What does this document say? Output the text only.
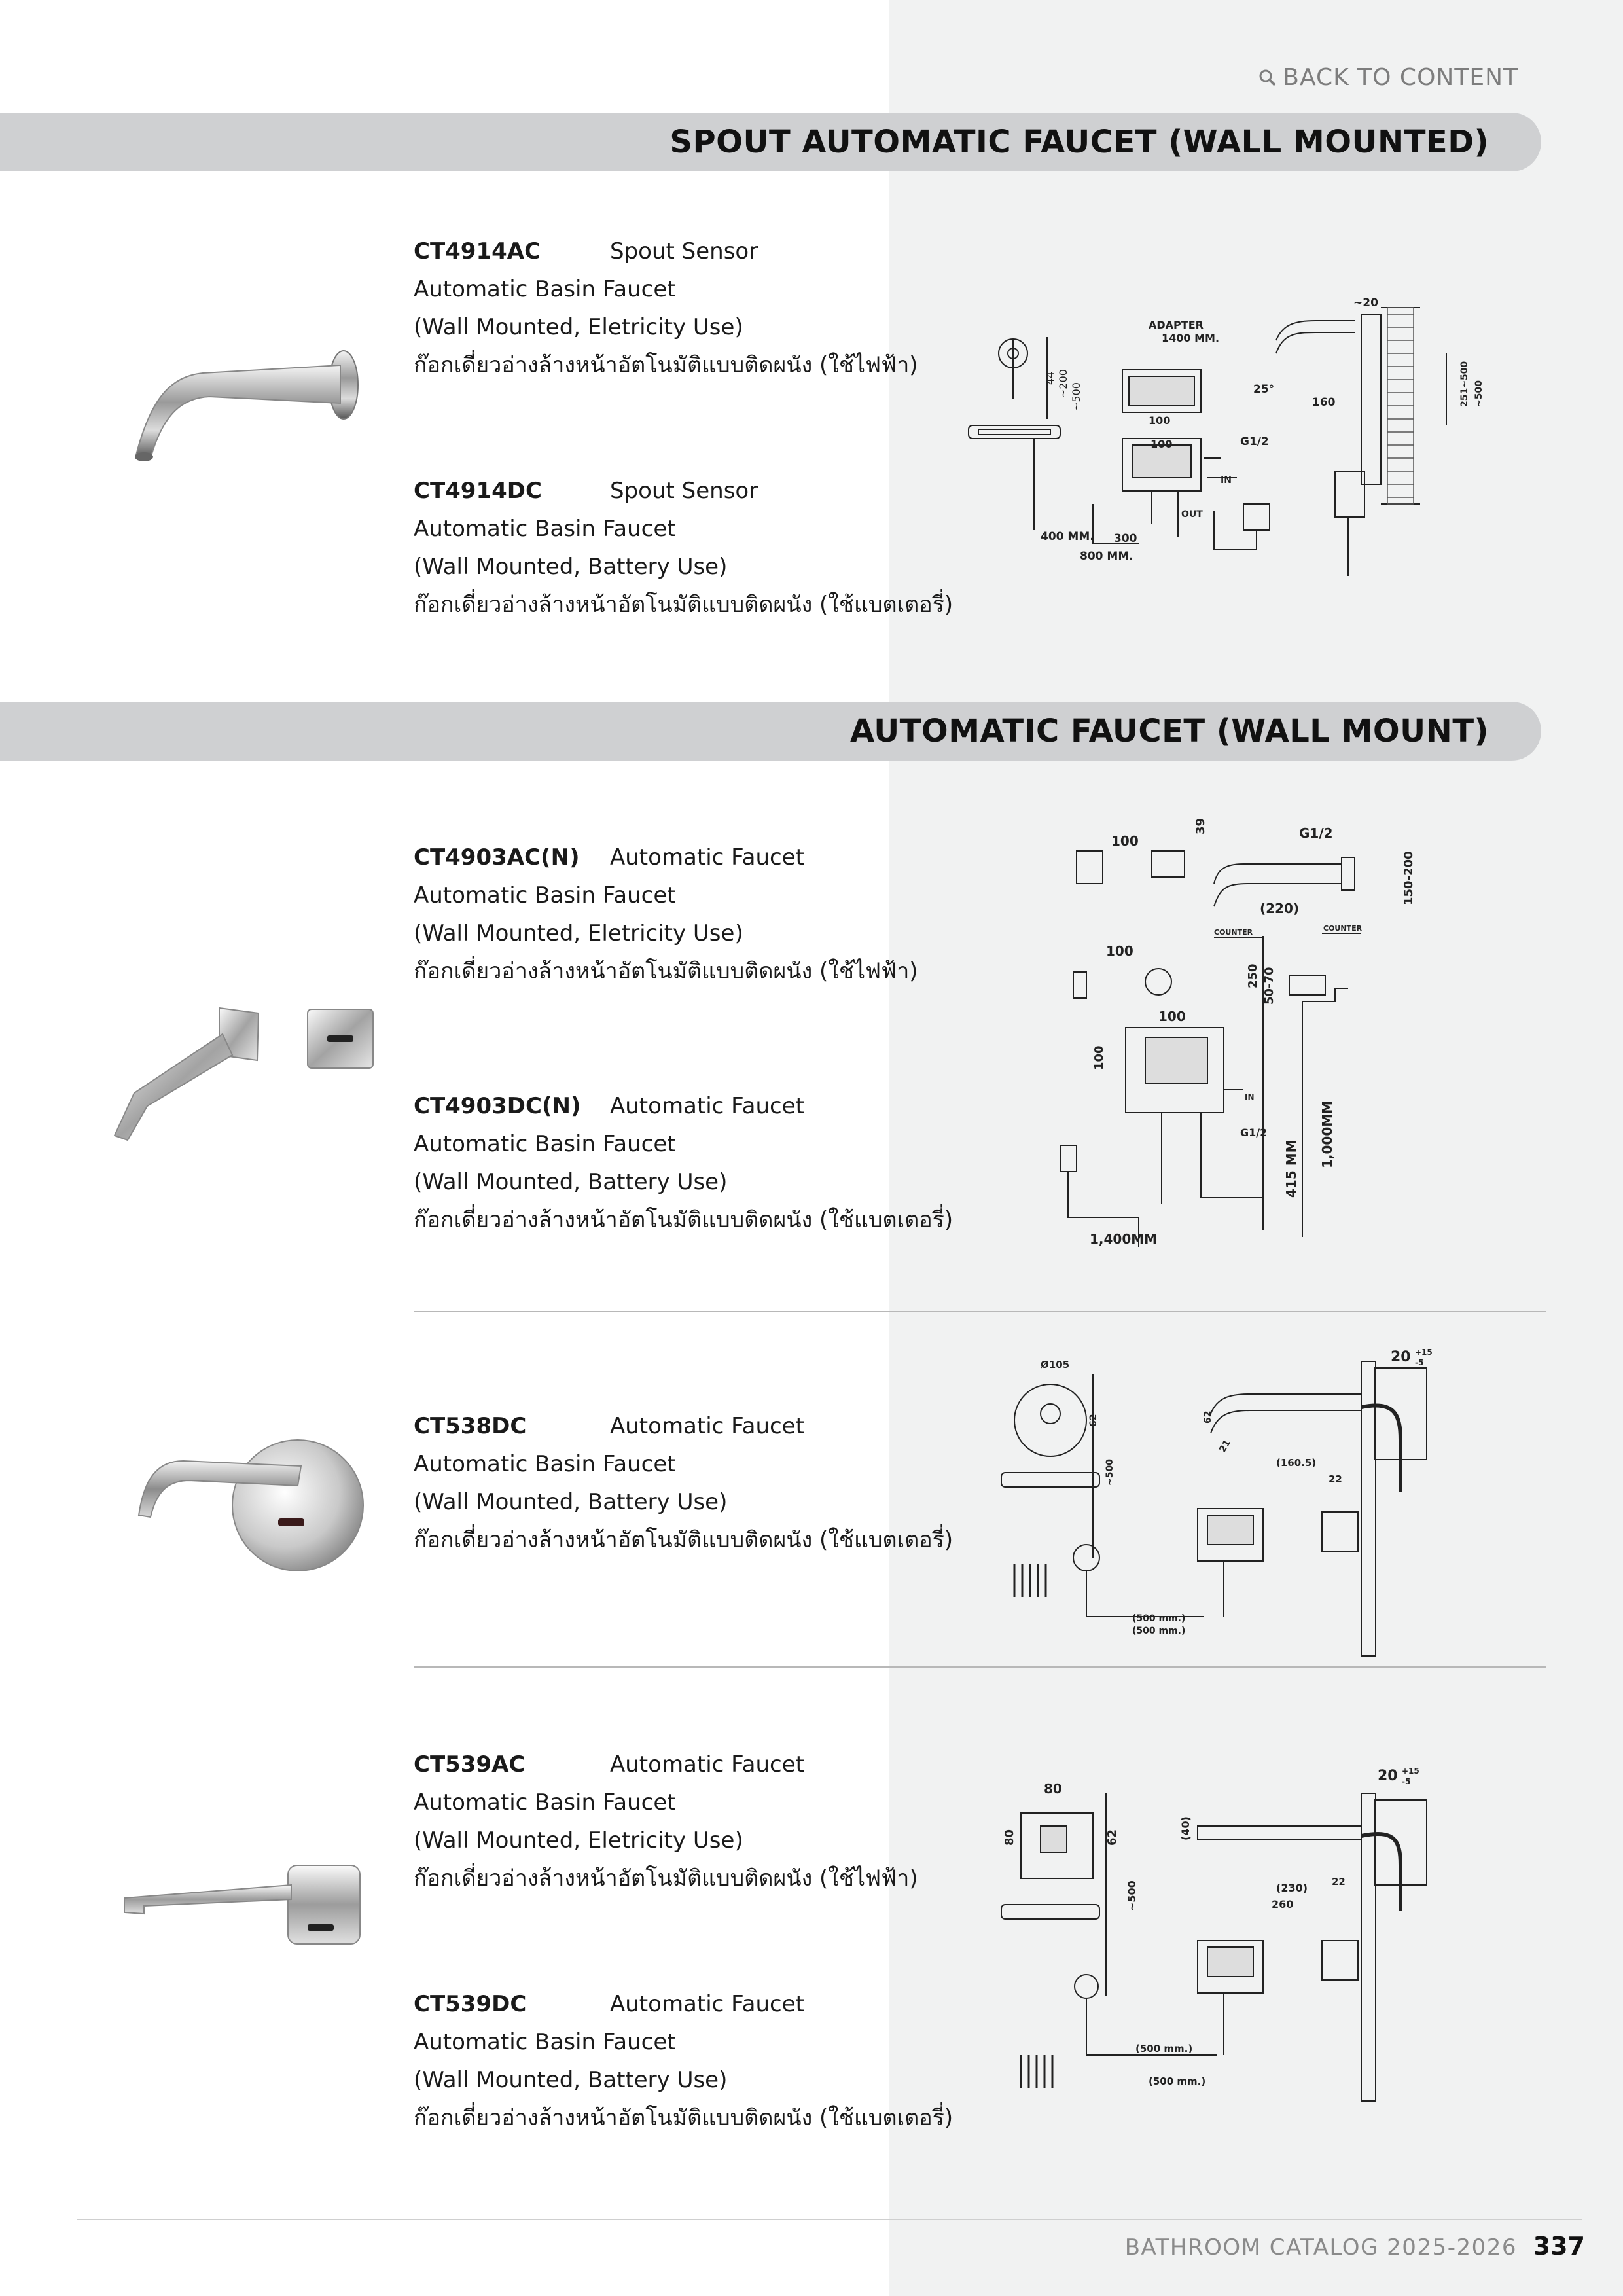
BACK TO CONTENT
SPOUT AUTOMATIC FAUCET (WALL MOUNTED)
AUTOMATIC FAUCET (WALL MOUNT)
CT4914AC	Spout Sensor
Automatic Basin Faucet
(Wall Mounted, Eletricity Use)
ก๊อกเดี่ยวอ่างล้างหน้าอัตโนมัติแบบติดผนัง (ใช้ไฟฟ้า)
CT4914DC	Spout Sensor
Automatic Basin Faucet
(Wall Mounted, Battery Use)
ก๊อกเดี่ยวอ่างล้างหน้าอัตโนมัติแบบติดผนัง (ใช้แบตเตอรี่)
CT4903AC(N)	Automatic Faucet
Automatic Basin Faucet
(Wall Mounted, Eletricity Use)
ก๊อกเดี่ยวอ่างล้างหน้าอัตโนมัติแบบติดผนัง (ใช้ไฟฟ้า)
CT4903DC(N)	Automatic Faucet
Automatic Basin Faucet
(Wall Mounted, Battery Use)
ก๊อกเดี่ยวอ่างล้างหน้าอัตโนมัติแบบติดผนัง (ใช้แบตเตอรี่)
CT538DC	Automatic Faucet
Automatic Basin Faucet
(Wall Mounted, Battery Use)
ก๊อกเดี่ยวอ่างล้างหน้าอัตโนมัติแบบติดผนัง (ใช้แบตเตอรี่)
CT539AC	Automatic Faucet
Automatic Basin Faucet
(Wall Mounted, Eletricity Use)
ก๊อกเดี่ยวอ่างล้างหน้าอัตโนมัติแบบติดผนัง (ใช้ไฟฟ้า)
CT539DC	Automatic Faucet
Automatic Basin Faucet
(Wall Mounted, Battery Use)
ก๊อกเดี่ยวอ่างล้างหน้าอัตโนมัติแบบติดผนัง (ใช้แบตเตอรี่)
44 ~200 ~500
ADAPTER
1400 MM.
100
100	G1/2
IN
OUT
300
400 MM.
800 MM.
~20
25°
160	251~500 ~500
100
39	G1/2
(220)
150-200
COUNTER	COUNTER
100
250
100
50-70
100
IN
G1/2
415 MM
1,000MM
1,400MM
Ø105
62
~500
62
21
(160.5)
22
20 +15
-5
(500 mm.)
(500 mm.)
80
80	62	(40)
~500	(230)
260
22
20 +15
-5
(500 mm.)
(500 mm.)
BATHROOM CATALOG 2025-2026 337
